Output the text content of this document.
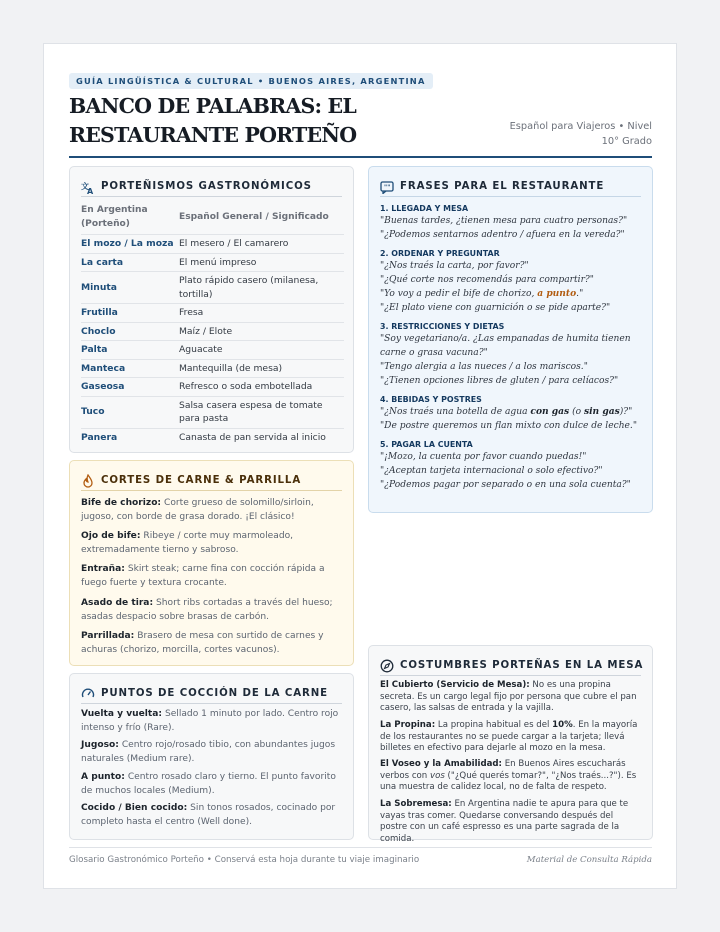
GUÍA LINGÜÍSTICA & CULTURAL • BUENOS AIRES, ARGENTINA
BANCO DE PALABRAS: EL RESTAURANTE PORTEÑO	Español para Viajeros • Nivel 10° Grado
文
A PORTEÑISMOS GASTRONÓMICOS
En Argentina (Porteño)	Español General / Significado
El mozo / La moza	El mesero / El camarero
La carta	El menú impreso
Minuta	Plato rápido casero (milanesa, tortilla)
Frutilla	Fresa
Choclo	Maíz / Elote
Palta	Aguacate
Manteca	Mantequilla (de mesa)
Gaseosa	Refresco o soda embotellada
Tuco	Salsa casera espesa de tomate para pasta
Panera	Canasta de pan servida al inicio
CORTES DE CARNE & PARRILLA
Bife de chorizo: Corte grueso de solomillo/sirloin, jugoso, con borde de grasa dorado. ¡El clásico!
Ojo de bife: Ribeye / corte muy marmoleado, extremadamente tierno y sabroso.
Entraña: Skirt steak; carne fina con cocción rápida a fuego fuerte y textura crocante.
Asado de tira: Short ribs cortadas a través del hueso; asadas despacio sobre brasas de carbón.
Parrillada: Brasero de mesa con surtido de carnes y achuras (chorizo, morcilla, cortes vacunos).
PUNTOS DE COCCIÓN DE LA CARNE
Vuelta y vuelta: Sellado 1 minuto por lado. Centro rojo intenso y frío (Rare).
Jugoso: Centro rojo/rosado tibio, con abundantes jugos naturales (Medium rare).
A punto: Centro rosado claro y tierno. El punto favorito de muchos locales (Medium).
Cocido / Bien cocido: Sin tonos rosados, cocinado por completo hasta el centro (Well done).
" " FRASES PARA EL RESTAURANTE
1. LLEGADA Y MESA
"Buenas tardes, ¿tienen mesa para cuatro personas?"
"¿Podemos sentarnos adentro / afuera en la vereda?"
2. ORDENAR Y PREGUNTAR
"¿Nos traés la carta, por favor?"
"¿Qué corte nos recomendás para compartir?"
"Yo voy a pedir el bife de chorizo, a punto."
"¿El plato viene con guarnición o se pide aparte?"
3. RESTRICCIONES Y DIETAS
"Soy vegetariano/a. ¿Las empanadas de humita tienen carne o grasa vacuna?"
"Tengo alergia a las nueces / a los mariscos."
"¿Tienen opciones libres de gluten / para celíacos?"
4. BEBIDAS Y POSTRES
"¿Nos traés una botella de agua con gas (o sin gas)?"
"De postre queremos un flan mixto con dulce de leche."
5. PAGAR LA CUENTA
"¡Mozo, la cuenta por favor cuando puedas!"
"¿Aceptan tarjeta internacional o solo efectivo?"
"¿Podemos pagar por separado o en una sola cuenta?"
COSTUMBRES PORTEÑAS EN LA MESA
El Cubierto (Servicio de Mesa): No es una propina secreta. Es un cargo legal fijo por persona que cubre el pan casero, las salsas de entrada y la vajilla.
La Propina: La propina habitual es del 10%. En la mayoría de los restaurantes no se puede cargar a la tarjeta; llevá billetes en efectivo para dejarle al mozo en la mesa.
El Voseo y la Amabilidad: En Buenos Aires escucharás verbos con vos ("¿Qué querés tomar?", "¿Nos traés...?"). Es una muestra de calidez local, no de falta de respeto.
La Sobremesa: En Argentina nadie te apura para que te vayas tras comer. Quedarse conversando después del postre con un café espresso es una parte sagrada de la comida.
Glosario Gastronómico Porteño • Conservá esta hoja durante tu viaje imaginario	Material de Consulta Rápida
